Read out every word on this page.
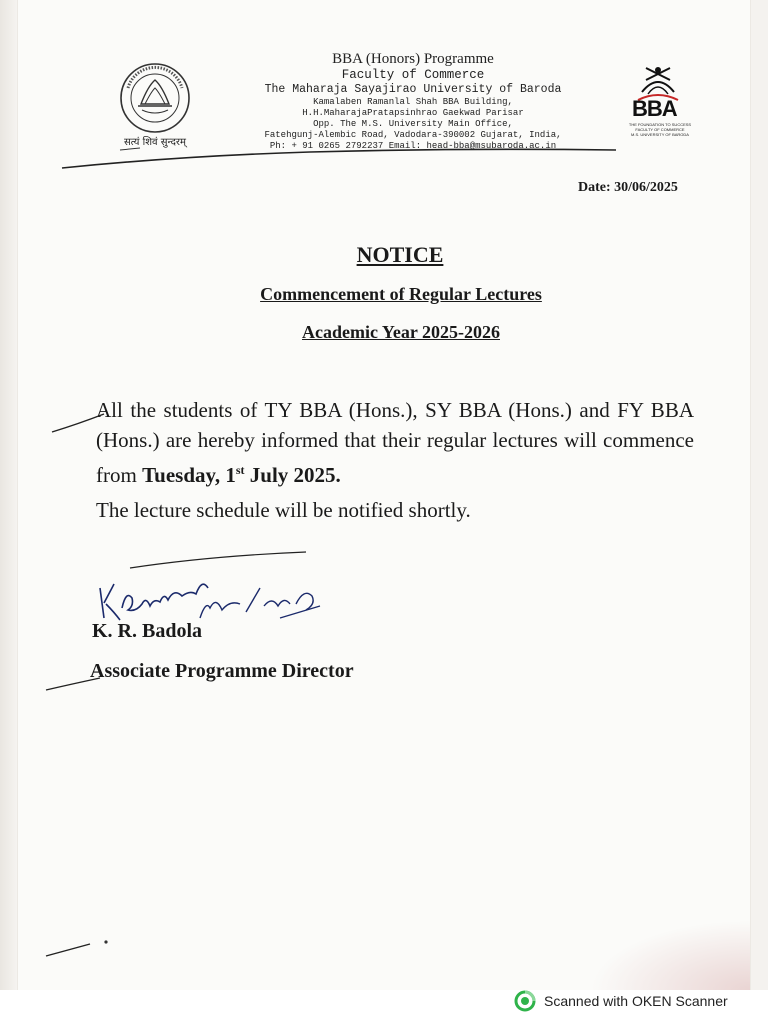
सत्यं शिवं सुन्दरम्
BBA (Honors) Programme
Faculty of Commerce
The Maharaja Sayajirao University of Baroda
Kamalaben Ramanlal Shah BBA Building,
H.H.MaharajaPratapsinhrao Gaekwad Parisar
Opp. The M.S. University Main Office,
Fatehgunj-Alembic Road, Vadodara-390002 Gujarat, India,
Ph: + 91 0265 2792237 Email: head-bba@msubaroda.ac.in
BBA
THE FOUNDATION TO SUCCESS
FACULTY OF COMMERCE
M.S. UNIVERSITY OF BARODA
Date: 30/06/2025
NOTICE
Commencement of Regular Lectures
Academic Year 2025-2026
All the students of TY BBA (Hons.), SY BBA (Hons.) and FY BBA (Hons.) are hereby informed that their regular lectures will commence from Tuesday, 1st July 2025.
The lecture schedule will be notified shortly.
K. R. Badola
Associate Programme Director
Scanned with OKEN Scanner
